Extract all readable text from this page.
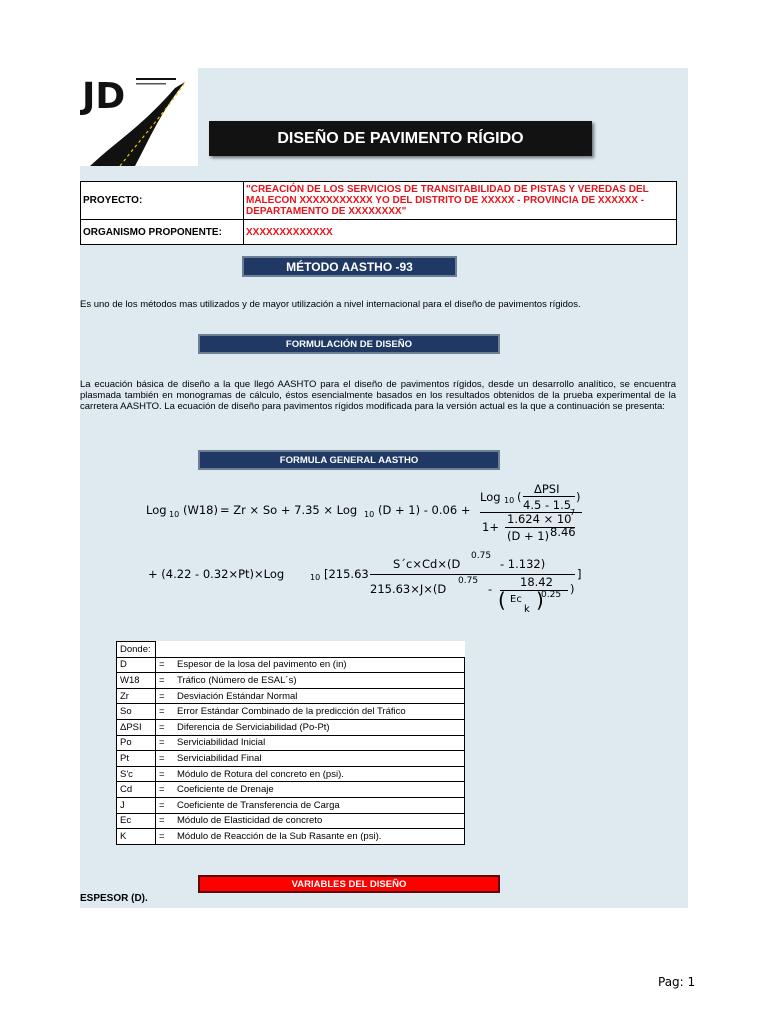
JD
DISEÑO DE PAVIMENTO RÍGIDO
PROYECTO:	"CREACIÓN DE LOS SERVICIOS DE TRANSITABILIDAD DE PISTAS Y VEREDAS DEL MALECON XXXXXXXXXXX YO DEL DISTRITO DE XXXXX - PROVINCIA DE XXXXXX - DEPARTAMENTO DE XXXXXXXX"
ORGANISMO PROPONENTE:	XXXXXXXXXXXXX
MÉTODO AASTHO -93
Es uno de los métodos mas utilizados y de mayor utilización a nivel internacional para el diseño de pavimentos rígidos.
FORMULACIÓN DE DISEÑO
La ecuación básica de diseño a la que llegó AASHTO para el diseño de pavimentos rígidos, desde un desarrollo analítico, se encuentra plasmada también en monogramas de cálculo, éstos esencialmente basados en los resultados obtenidos de la prueba experimental de la carretera AASHTO. La ecuación de diseño para pavimentos rígidos modificada para la versión actual es la que a continuación se presenta:
FORMULA GENERAL AASTHO
Log 10 (W18) = Zr × So + 7.35 × Log 10 (D + 1) - 0.06 +
Log 10 (
ΔPSI
4.5 - 1.5
)
1+
1.624 × 10
7
(D + 1) 8.46
+ (4.22 - 0.32×Pt)×Log	10 [215.63
S´c×Cd×(D
0.75
- 1.132)
215.63×J×(D
0.75
- 18.42
( Ec
k )
0.25 )
]
Donde:		
D	=	Espesor de la losa del pavimento en (in)
W18	=	Tráfico (Número de ESAL´s)
Zr	=	Desviación Estándar Normal
So	=	Error Estándar Combinado de la predicción del Tráfico
ΔPSI	=	Diferencia de Serviciabilidad (Po-Pt)
Po	=	Serviciabilidad Inicial
Pt	=	Serviciabilidad Final
S'c	=	Módulo de Rotura del concreto en (psi).
Cd	=	Coeficiente de Drenaje
J	=	Coeficiente de Transferencia de Carga
Ec	=	Módulo de Elasticidad de concreto
K	=	Módulo de Reacción de la Sub Rasante en (psi).
VARIABLES DEL DISEÑO
ESPESOR (D).
Pag: 1
